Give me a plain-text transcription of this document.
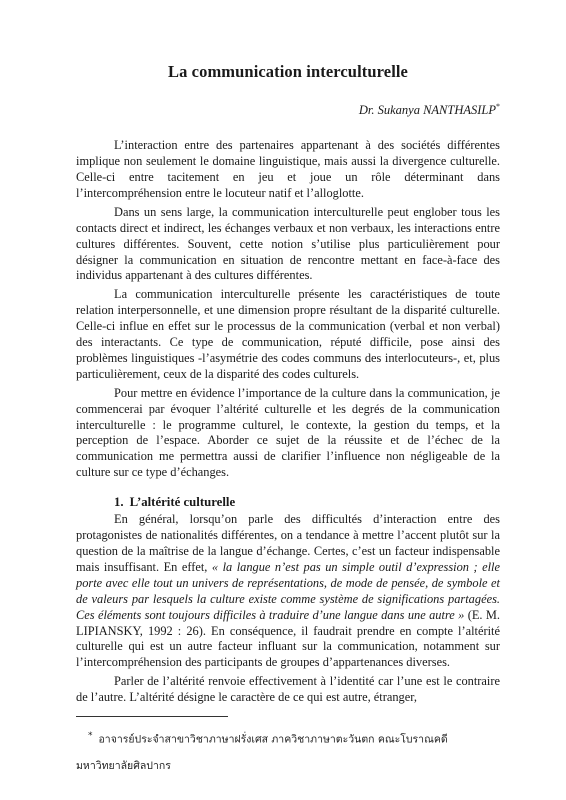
La communication interculturelle
Dr. Sukanya NANTHASILP*

L’interaction entre des partenaires appartenant à des sociétés différentes implique non seulement le domaine linguistique, mais aussi la divergence culturelle. Celle-ci entre tacitement en jeu et joue un rôle déterminant dans l’intercompréhension entre le locuteur natif et l’alloglotte.

Dans un sens large, la communication interculturelle peut englober tous les contacts direct et indirect, les échanges verbaux et non verbaux, les interactions entre cultures différentes. Souvent, cette notion s’utilise plus particulièrement pour désigner la communication en situation de rencontre mettant en face-à-face des individus appartenant à des cultures différentes.

La communication interculturelle présente les caractéristiques de toute relation interpersonnelle, et une dimension propre résultant de la disparité culturelle. Celle-ci influe en effet sur le processus de la communication (verbal et non verbal) des interactants. Ce type de communication, réputé difficile, pose ainsi des problèmes linguistiques -l’asymétrie des codes communs des interlocuteurs-, et, plus particulièrement, ceux de la disparité des codes culturels.

Pour mettre en évidence l’importance de la culture dans la communication, je commencerai par évoquer l’altérité culturelle et les degrés de la communication interculturelle : le programme culturel, le contexte, la gestion du temps, et la perception de l’espace. Aborder ce sujet de la réussite et de l’échec de la communication me permettra aussi de clarifier l’influence non négligeable de la culture sur ce type d’échanges.

1. L’altérité culturelle

En général, lorsqu’on parle des difficultés d’interaction entre des protagonistes de nationalités différentes, on a tendance à mettre l’accent plutôt sur la question de la maîtrise de la langue d’échange. Certes, c’est un facteur indispensable mais insuffisant. En effet, « la langue n’est pas un simple outil d’expression ; elle porte avec elle tout un univers de représentations, de mode de pensée, de symbole et de valeurs par lesquels la culture existe comme système de significations partagées. Ces éléments sont toujours difficiles à traduire d’une langue dans une autre » (E. M. LIPIANSKY, 1992 : 26). En conséquence, il faudrait prendre en compte l’altérité culturelle qui est un autre facteur influant sur la communication, notamment sur l’intercompréhension des participants de groupes d’appartenances diverses.

Parler de l’altérité renvoie effectivement à l’identité car l’une est le contraire de l’autre. L’altérité désigne le caractère de ce qui est autre, étranger,

* อาจารย์ประจำสาขาวิชาภาษาฝรั่งเศส ภาควิชาภาษาตะวันตก คณะโบราณคดี มหาวิทยาลัยศิลปากร
